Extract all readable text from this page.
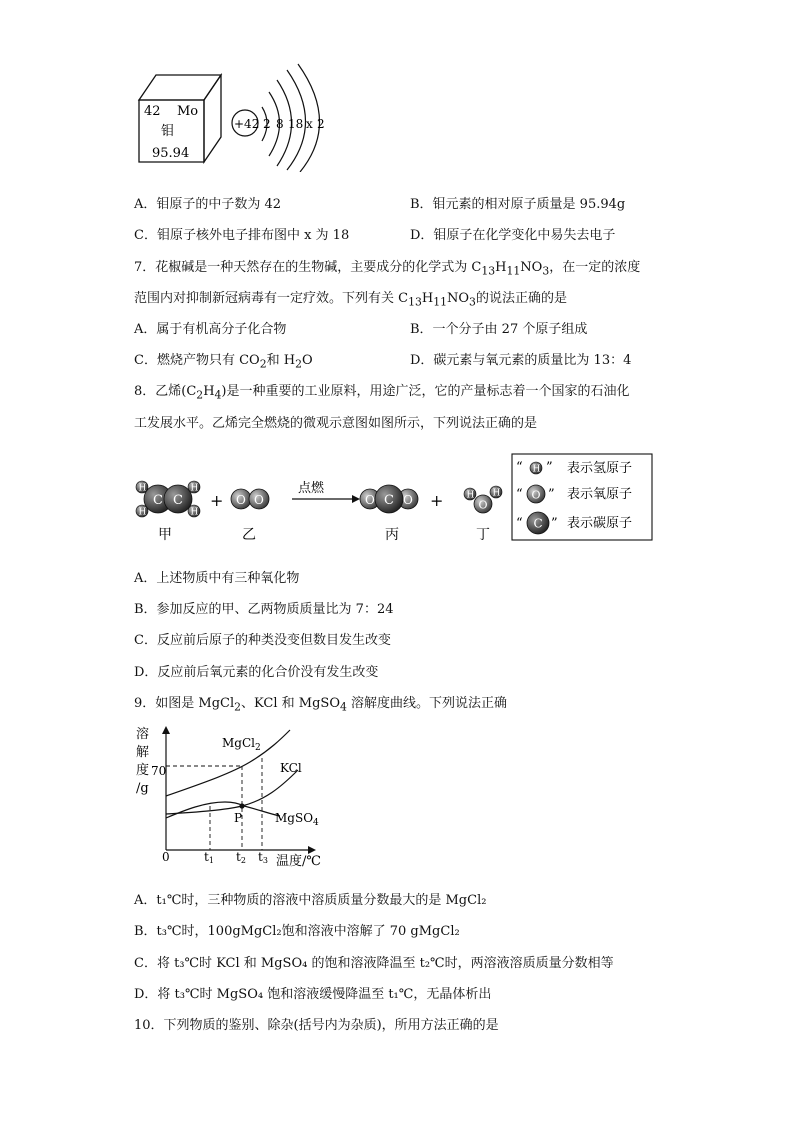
42 Mo
钼
95.94
+42 2 8 18 x 2
A．钼原子的中子数为 42	B．钼元素的相对原子质量是 95.94g
C．钼原子核外电子排布图中 x 为 18	D．钼原子在化学变化中易失去电子
7．花椒碱是一种天然存在的生物碱，主要成分的化学式为 $C_{13}H_{11}NO_3$，在一定的浓度
范围内对抑制新冠病毒有一定疗效。下列有关 $C_{13}H_{11}NO_3$的说法正确的是
A．属于有机高分子化合物	B．一个分子由 27 个原子组成
C．燃烧产物只有 $CO_2$和 $H_2O$	D．碳元素与氧元素的质量比为 13：4
8．乙烯$(C_2H_4)$是一种重要的工业原料，用途广泛，它的产量标志着一个国家的石油化
工发展水平。乙烯完全燃烧的微观示意图如图所示，下列说法正确的是
H
H
H
H
C C + O O
点燃
O O
C +	H H
O
甲	乙	丙	丁
“ H ” 表示氢原子
“ O ” 表示氧原子
“ C ” 表示碳原子
A．上述物质中有三种氧化物
B．参加反应的甲、乙两物质质量比为 7：24
C．反应前后原子的种类没变但数目发生改变
D．反应前后氧元素的化合价没有发生改变
9．如图是 MgCl$_2$、KCl 和 MgSO$_4$ 溶解度曲线。下列说法正确
溶
解
度
/g
70
0
MgCl$_2$
KCl
MgSO$_4$
P
t1 t2 t3 温度/℃
A．t₁℃时，三种物质的溶液中溶质质量分数最大的是 MgCl₂
B．t₃℃时，100gMgCl₂饱和溶液中溶解了 70 gMgCl₂
C．将 t₃℃时 KCl 和 MgSO₄ 的饱和溶液降温至 t₂℃时，两溶液溶质质量分数相等
D．将 t₃℃时 MgSO₄ 饱和溶液缓慢降温至 t₁℃，无晶体析出
10．下列物质的鉴别、除杂(括号内为杂质)，所用方法正确的是
